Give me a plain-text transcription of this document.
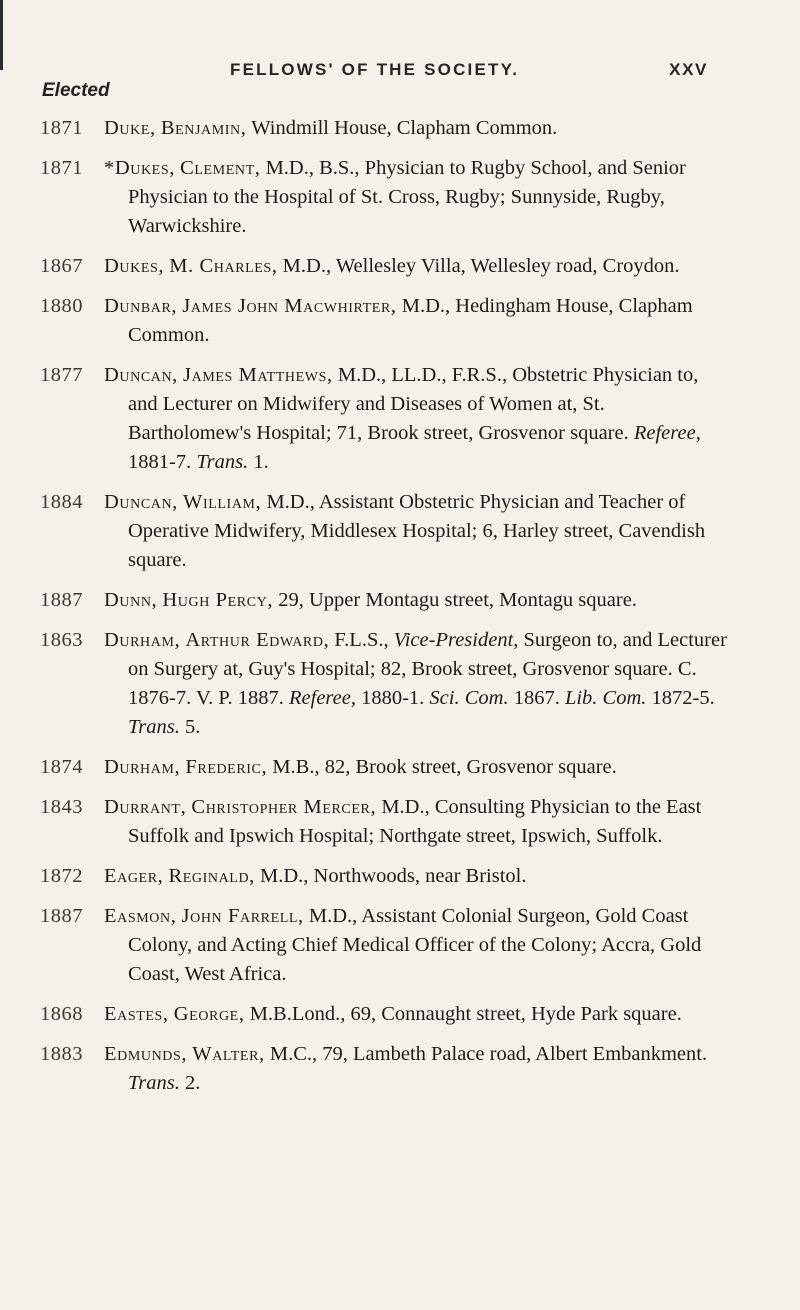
FELLOWS' OF THE SOCIETY.	XXV
Elected
1871	Duke, Benjamin, Windmill House, Clapham Common.
1871	*Dukes, Clement, M.D., B.S., Physician to Rugby School, and Senior Physician to the Hospital of St. Cross, Rugby; Sunnyside, Rugby, Warwickshire.
1867	Dukes, M. Charles, M.D., Wellesley Villa, Wellesley road, Croydon.
1880	Dunbar, James John Macwhirter, M.D., Hedingham House, Clapham Common.
1877	Duncan, James Matthews, M.D., LL.D., F.R.S., Obstetric Physician to, and Lecturer on Midwifery and Diseases of Women at, St. Bartholomew's Hospital; 71, Brook street, Grosvenor square. Referee, 1881-7. Trans. 1.
1884	Duncan, William, M.D., Assistant Obstetric Physician and Teacher of Operative Midwifery, Middlesex Hospital; 6, Harley street, Cavendish square.
1887	Dunn, Hugh Percy, 29, Upper Montagu street, Montagu square.
1863	Durham, Arthur Edward, F.L.S., Vice-President, Surgeon to, and Lecturer on Surgery at, Guy's Hospital; 82, Brook street, Grosvenor square. C. 1876-7. V. P. 1887. Referee, 1880-1. Sci. Com. 1867. Lib. Com. 1872-5. Trans. 5.
1874	Durham, Frederic, M.B., 82, Brook street, Grosvenor square.
1843	Durrant, Christopher Mercer, M.D., Consulting Physician to the East Suffolk and Ipswich Hospital; Northgate street, Ipswich, Suffolk.
1872	Eager, Reginald, M.D., Northwoods, near Bristol.
1887	Easmon, John Farrell, M.D., Assistant Colonial Surgeon, Gold Coast Colony, and Acting Chief Medical Officer of the Colony; Accra, Gold Coast, West Africa.
1868	Eastes, George, M.B.Lond., 69, Connaught street, Hyde Park square.
1883	Edmunds, Walter, M.C., 79, Lambeth Palace road, Albert Embankment. Trans. 2.
